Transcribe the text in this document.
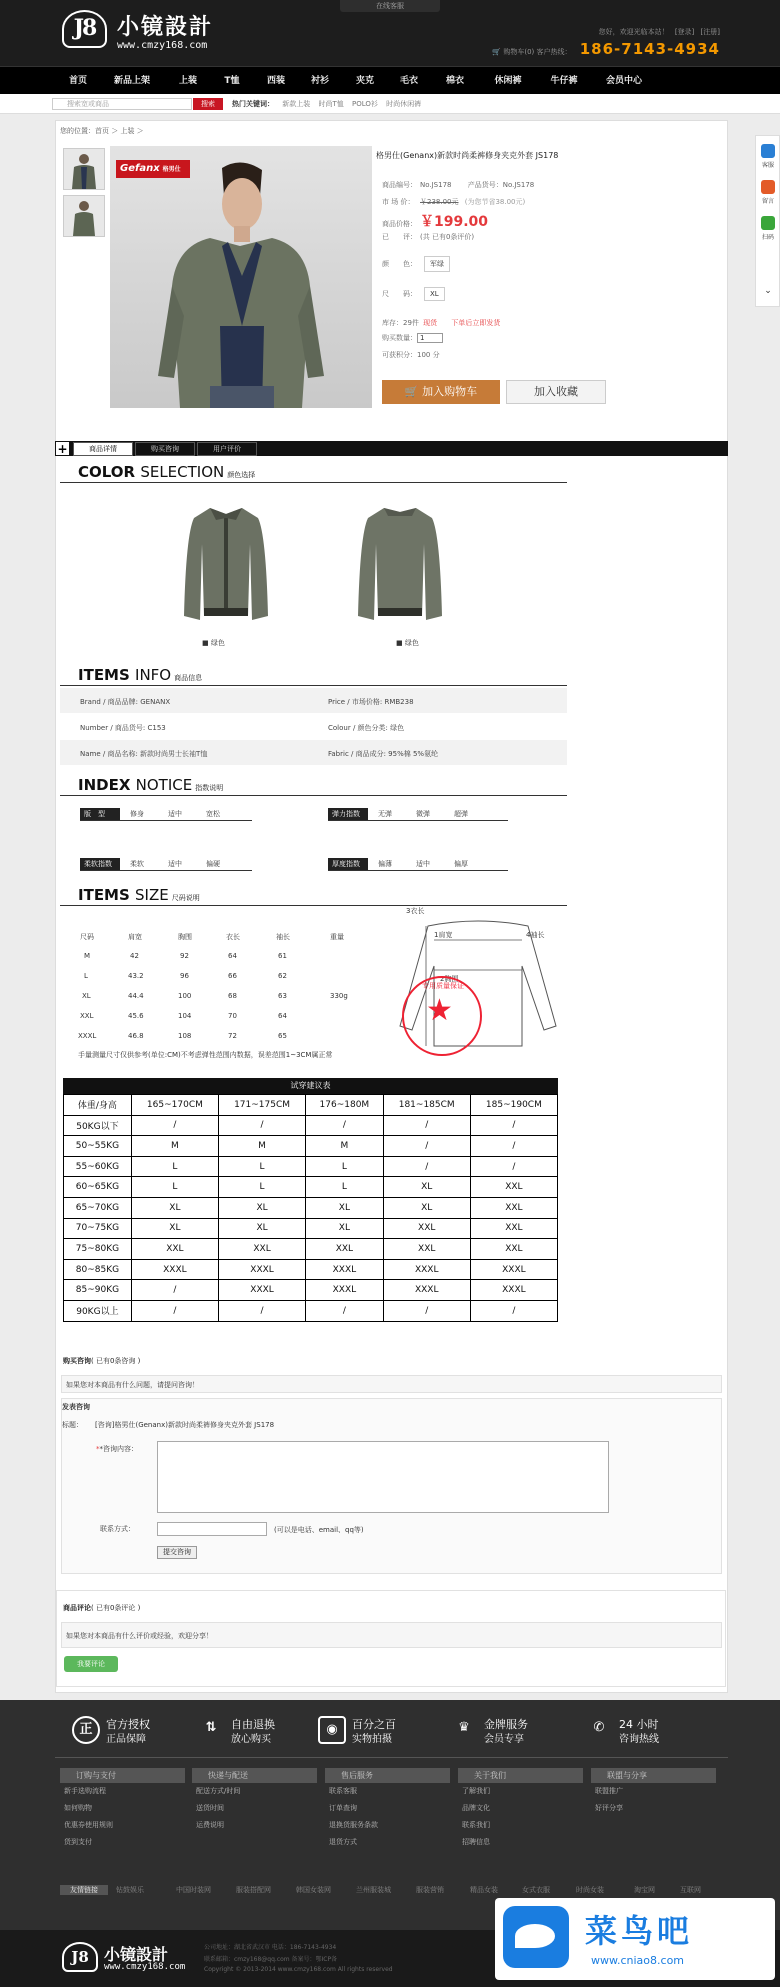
在线客服
J8 小镜設計
www.cmzy168.com
您好，欢迎光临本站！ [登录] [注册]
🛒 购物车(0) 客户热线： 186-7143-4934
首页	新品上架	上装	T恤	西装	衬衫	夹克	毛衣	棉衣	休闲裤	牛仔裤	会员中心
搜索宽或商品	搜索	热门关键词： 新款上装 时尚T恤 POLO衫 时尚休闲裤
您的位置：首页 ＞ 上装 ＞
Gefanx 格男仕
格男仕(Genanx)新款时尚柔裤修身夹克外套 JS178
商品编号： No.JS178 产品货号：No.JS178
市 场 价： ￥238.00元 (为您节省38.00元)
商品价格： ￥199.00
已　　评： (共 已有0条评价)
颜　　色： 军绿
尺　　码： XL
库存：29件 现货 下单后立即发货
购买数量： 1
可获积分：100 分
🛒 加入购物车	加入收藏
+	商品详情	购买咨询	用户评价
COLOR SELECTION 颜色选择
■ 绿色	■ 绿色
ITEMS INFO 商品信息
Brand / 商品品牌: GENANX	Price / 市场价格: RMB238
Number / 商品货号: C153	Colour / 颜色分类: 绿色
Name / 商品名称: 新款时尚男士长袖T恤	Fabric / 商品成分: 95%棉 5%氨纶
INDEX NOTICE 指数说明
版　型	修身	适中	宽松	弹力指数	无弹	微弹	超弹
柔软指数	柔软	适中	偏硬	厚度指数	偏薄	适中	偏厚
ITEMS SIZE 尺码说明
尺码	肩宽	胸围	衣长	袖长	重量
M	42	92	64	61
L	43.2	96	66	62
XL	44.4	100	68	63	330g
XXL	45.6	104	70	64
XXXL	46.8	108	72	65
手量测量尺寸仅供参考(单位:CM)不考虑弹性范围内数据，误差范围1~3CM属正常
3衣长
4袖长
1肩宽
2胸围
专用质量保证
★
试穿建议表
体重/身高	165~170CM	171~175CM	176~180M	181~185CM	185~190CM
50KG以下	/	/	/	/	/
50~55KG	M	M	M	/	/
55~60KG	L	L	L	/	/
60~65KG	L	L	L	XL	XXL
65~70KG	XL	XL	XL	XL	XXL
70~75KG	XL	XL	XL	XXL	XXL
75~80KG	XXL	XXL	XXL	XXL	XXL
80~85KG	XXXL	XXXL	XXXL	XXXL	XXXL
85~90KG	/	XXXL	XXXL	XXXL	XXXL
90KG以上	/	/	/	/	/
购买咨询( 已有0条咨询 )
如果您对本商品有什么问题，请提问咨询！
发表咨询
标题： [咨询]格男仕(Genanx)新款时尚柔裤修身夹克外套 JS178
**咨询内容：
联系方式：	(可以是电话、email、qq等)
提交咨询
商品评论( 已有0条评论 )
如果您对本商品有什么评价或经验，欢迎分享！
我要评论
正	官方授权
正品保障
⇅	自由退换
放心购买
◉	百分之百
实物拍摄
♛	金牌服务
会员专享
✆	24 小时
咨询热线
订购与支付
新手选购流程
如何购物
优惠券使用规则
货到支付
快递与配送
配送方式/时间
送货时间
运费说明
售后服务
联系客服
订单查询
退换货服务条款
退货方式
关于我们
了解我们
品牌文化
联系我们
招聘信息
联盟与分享
联盟推广
好评分享
友情链接	钻鼓娱乐	中国时装网	服装搭配网	韩国女装网	兰州服装城	服装营销	精品女装	女式衣服	时尚女装	淘宝网	互联网
J8 小镜設計
www.cmzy168.com
公司地址：湖北省武汉市 电话：186-7143-4934
联系邮箱：cmzy168@qq.com 备案号：鄂ICP备
Copyright © 2013-2014 www.cmzy168.com All rights reserved
菜鸟吧
www.cniao8.com
客服
留言
扫码
⌄
